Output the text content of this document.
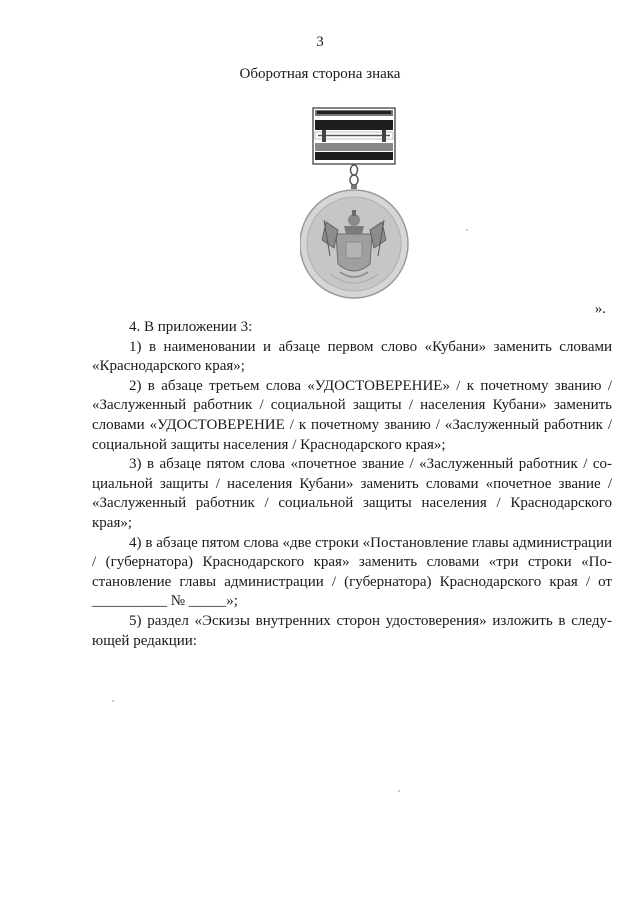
3
Оборотная сторона знака
».

4. В приложении 3:

1) в наименовании и абзаце первом слово «Кубани» заменить словами «Краснодарского края»;

2) в абзаце третьем слова «УДОСТОВЕРЕНИЕ» / к почетному званию / «Заслуженный работник / социальной защиты / населения Кубани» заменить словами «УДОСТОВЕРЕНИЕ / к почетному званию / «Заслуженный работник / социальной защиты населения / Краснодарского края»;

3) в абзаце пятом слова «почетное звание / «Заслуженный работник / социальной защиты / населения Кубани» заменить словами «почетное звание / «Заслуженный работник / социальной защиты населения / Краснодарского края»;

4) в абзаце пятом слова «две строки «Постановление главы администрации / (губернатора) Краснодарского края» заменить словами «три строки «Постановление главы администрации / (губернатора) Краснодарского края / от __________ № _____»;

5) раздел «Эскизы внутренних сторон удостоверения» изложить в следующей редакции:
